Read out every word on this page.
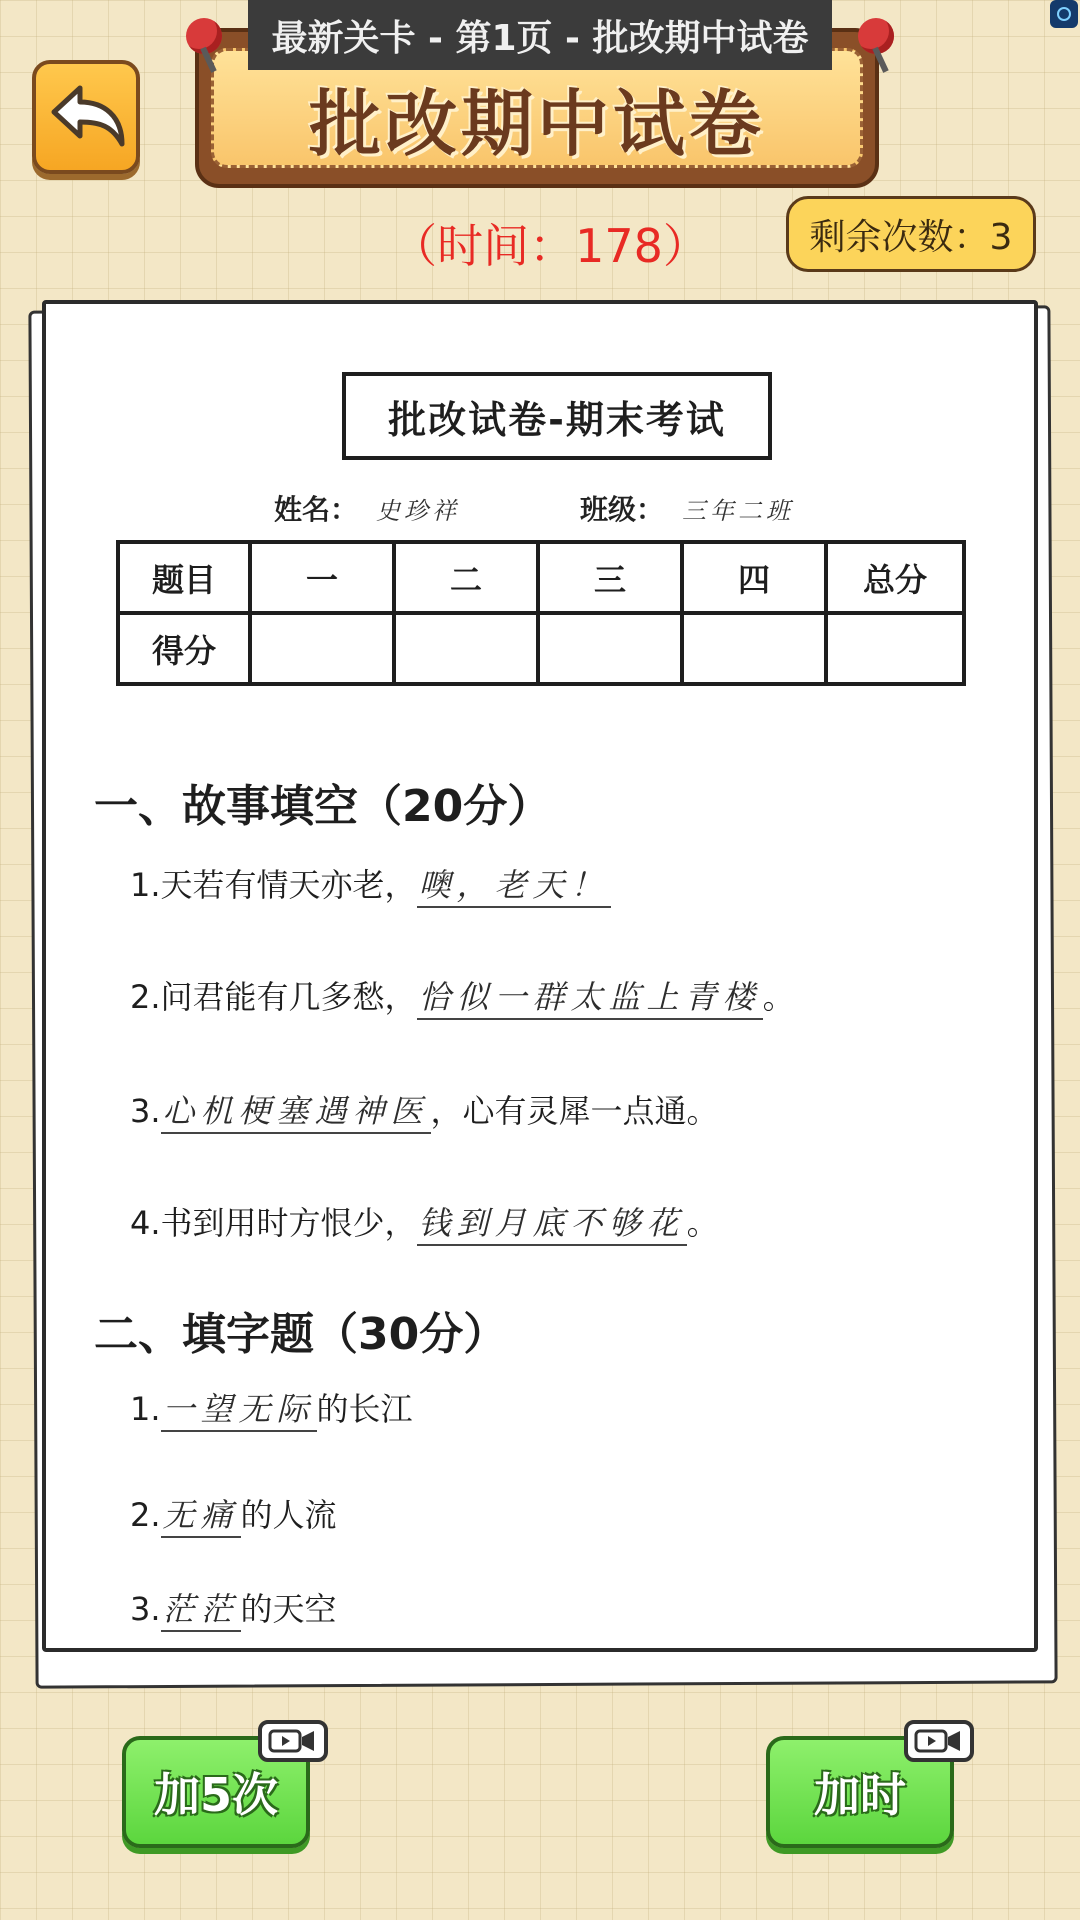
最新关卡 - 第1页 - 批改期中试卷
批改期中试卷
（时间：178）	剩余次数：3
批改试卷-期末考试
姓名： 史珍祥	班级： 三年二班
题目	一	二	三	四	总分
得分					
一、故事填空（20分）
1.天若有情天亦老，噢，老天！
2.问君能有几多愁，恰似一群太监上青楼。
3.心机梗塞遇神医，心有灵犀一点通。
4.书到用时方恨少，钱到月底不够花。
二、填字题（30分）
1.一望无际的长江
2.无痛的人流
3.茫茫的天空
加5次	加时
